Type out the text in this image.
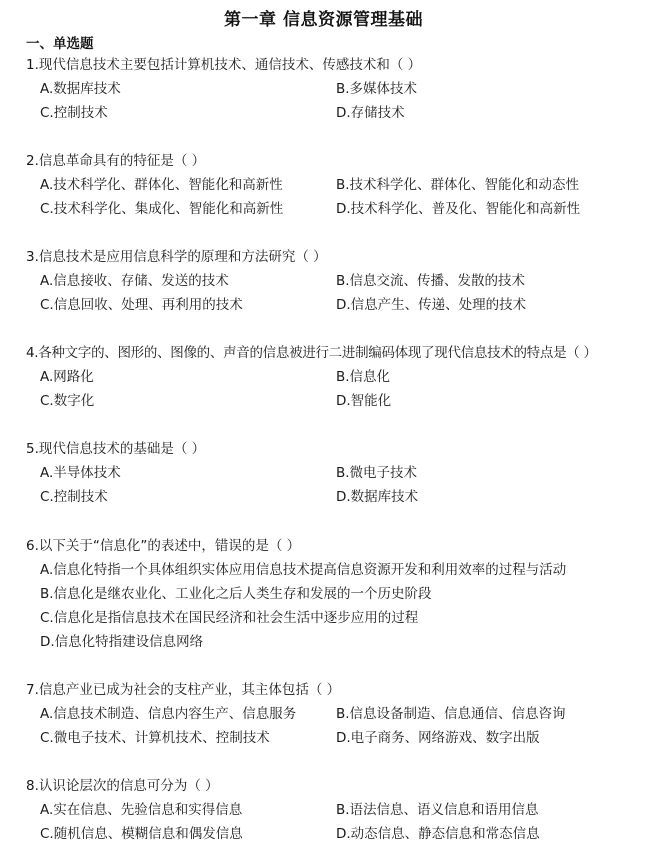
第一章 信息资源管理基础
一、单选题
1.现代信息技术主要包括计算机技术、通信技术、传感技术和（ ）
A.数据库技术	B.多媒体技术
C.控制技术	D.存储技术
2.信息革命具有的特征是（ ）
A.技术科学化、群体化、智能化和高新性	B.技术科学化、群体化、智能化和动态性
C.技术科学化、集成化、智能化和高新性	D.技术科学化、普及化、智能化和高新性
3.信息技术是应用信息科学的原理和方法研究（ ）
A.信息接收、存储、发送的技术	B.信息交流、传播、发散的技术
C.信息回收、处理、再利用的技术	D.信息产生、传递、处理的技术
4.各种文字的、图形的、图像的、声音的信息被进行二进制编码体现了现代信息技术的特点是（ ）
A.网路化	B.信息化
C.数字化	D.智能化
5.现代信息技术的基础是（ ）
A.半导体技术	B.微电子技术
C.控制技术	D.数据库技术
6.以下关于“信息化”的表述中，错误的是（ ）
A.信息化特指一个具体组织实体应用信息技术提高信息资源开发和利用效率的过程与活动
B.信息化是继农业化、工业化之后人类生存和发展的一个历史阶段
C.信息化是指信息技术在国民经济和社会生活中逐步应用的过程
D.信息化特指建设信息网络
7.信息产业已成为社会的支柱产业，其主体包括（ ）
A.信息技术制造、信息内容生产、信息服务	B.信息设备制造、信息通信、信息咨询
C.微电子技术、计算机技术、控制技术	D.电子商务、网络游戏、数字出版
8.认识论层次的信息可分为（ ）
A.实在信息、先验信息和实得信息	B.语法信息、语义信息和语用信息
C.随机信息、模糊信息和偶发信息	D.动态信息、静态信息和常态信息
